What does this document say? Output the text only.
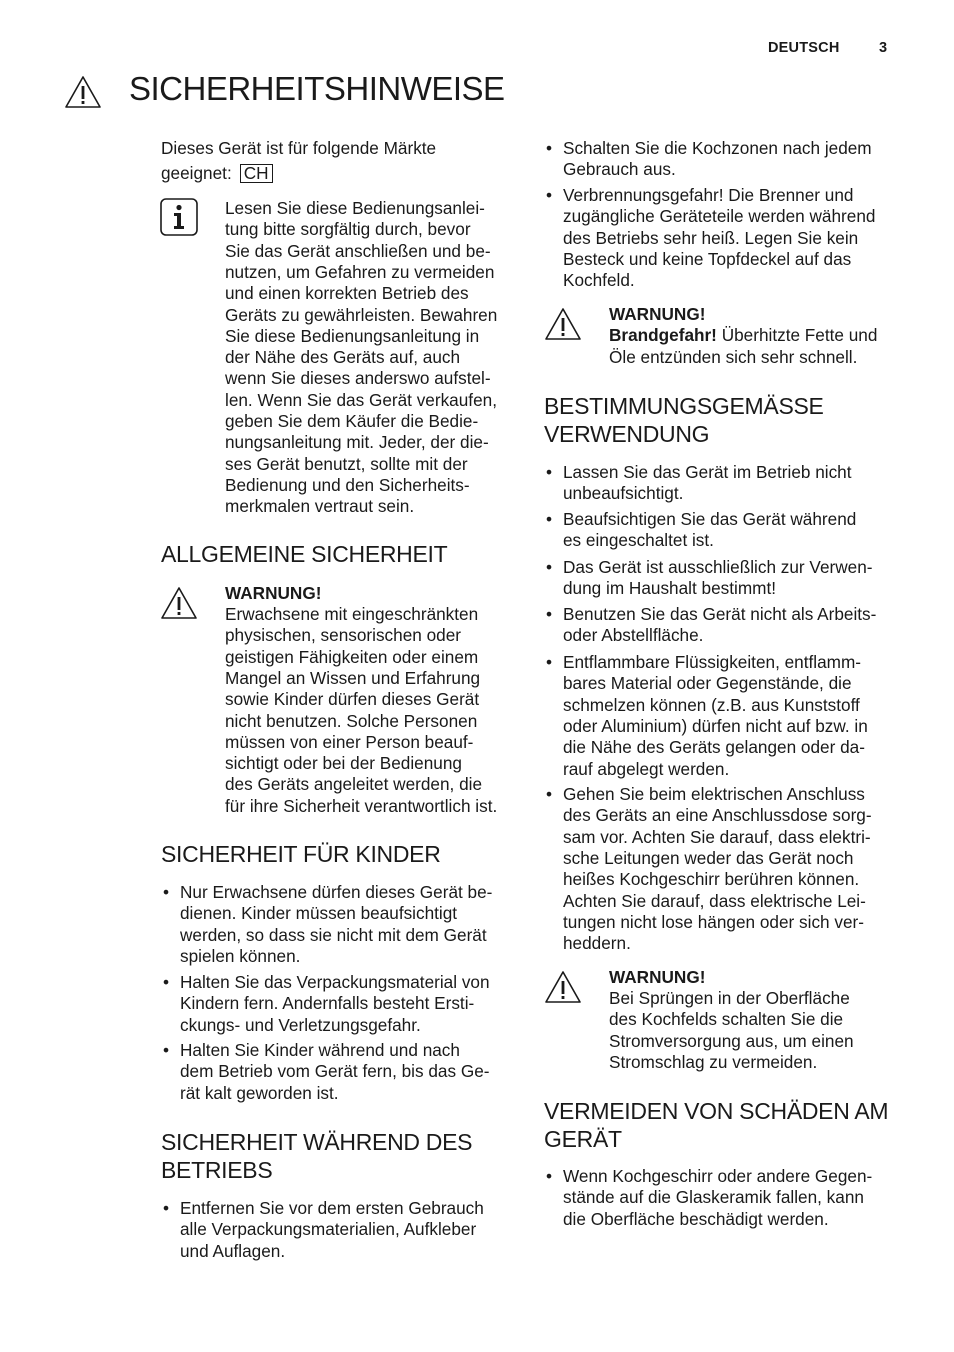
DEUTSCH	3
SICHERHEITSHINWEISE
Dieses Gerät ist für folgende Märkte
geeignet: CH
Lesen Sie diese Bedienungsanlei-
tung bitte sorgfältig durch, bevor
Sie das Gerät anschließen und be-
nutzen, um Gefahren zu vermeiden
und einen korrekten Betrieb des
Geräts zu gewährleisten. Bewahren
Sie diese Bedienungsanleitung in
der Nähe des Geräts auf, auch
wenn Sie dieses anderswo aufstel-
len. Wenn Sie das Gerät verkaufen,
geben Sie dem Käufer die Bedie-
nungsanleitung mit. Jeder, der die-
ses Gerät benutzt, sollte mit der
Bedienung und den Sicherheits-
merkmalen vertraut sein.
ALLGEMEINE SICHERHEIT
WARNUNG!
Erwachsene mit eingeschränkten
physischen, sensorischen oder
geistigen Fähigkeiten oder einem
Mangel an Wissen und Erfahrung
sowie Kinder dürfen dieses Gerät
nicht benutzen. Solche Personen
müssen von einer Person beauf-
sichtigt oder bei der Bedienung
des Geräts angeleitet werden, die
für ihre Sicherheit verantwortlich ist.
SICHERHEIT FÜR KINDER
• Nur Erwachsene dürfen dieses Gerät be-
dienen. Kinder müssen beaufsichtigt
werden, so dass sie nicht mit dem Gerät
spielen können.
• Halten Sie das Verpackungsmaterial von
Kindern fern. Andernfalls besteht Ersti-
ckungs- und Verletzungsgefahr.
• Halten Sie Kinder während und nach
dem Betrieb vom Gerät fern, bis das Ge-
rät kalt geworden ist.
SICHERHEIT WÄHREND DES
BETRIEBS
• Entfernen Sie vor dem ersten Gebrauch
alle Verpackungsmaterialien, Aufkleber
und Auflagen.
• Schalten Sie die Kochzonen nach jedem
Gebrauch aus.
• Verbrennungsgefahr! Die Brenner und
zugängliche Geräteteile werden während
des Betriebs sehr heiß. Legen Sie kein
Besteck und keine Topfdeckel auf das
Kochfeld.
WARNUNG!
Brandgefahr! Überhitzte Fette und
Öle entzünden sich sehr schnell.
BESTIMMUNGSGEMÄSSE
VERWENDUNG
• Lassen Sie das Gerät im Betrieb nicht
unbeaufsichtigt.
• Beaufsichtigen Sie das Gerät während
es eingeschaltet ist.
• Das Gerät ist ausschließlich zur Verwen-
dung im Haushalt bestimmt!
• Benutzen Sie das Gerät nicht als Arbeits-
oder Abstellfläche.
• Entflammbare Flüssigkeiten, entflamm-
bares Material oder Gegenstände, die
schmelzen können (z.B. aus Kunststoff
oder Aluminium) dürfen nicht auf bzw. in
die Nähe des Geräts gelangen oder da-
rauf abgelegt werden.
• Gehen Sie beim elektrischen Anschluss
des Geräts an eine Anschlussdose sorg-
sam vor. Achten Sie darauf, dass elektri-
sche Leitungen weder das Gerät noch
heißes Kochgeschirr berühren können.
Achten Sie darauf, dass elektrische Lei-
tungen nicht lose hängen oder sich ver-
heddern.
WARNUNG!
Bei Sprüngen in der Oberfläche
des Kochfelds schalten Sie die
Stromversorgung aus, um einen
Stromschlag zu vermeiden.
VERMEIDEN VON SCHÄDEN AM
GERÄT
• Wenn Kochgeschirr oder andere Gegen-
stände auf die Glaskeramik fallen, kann
die Oberfläche beschädigt werden.
